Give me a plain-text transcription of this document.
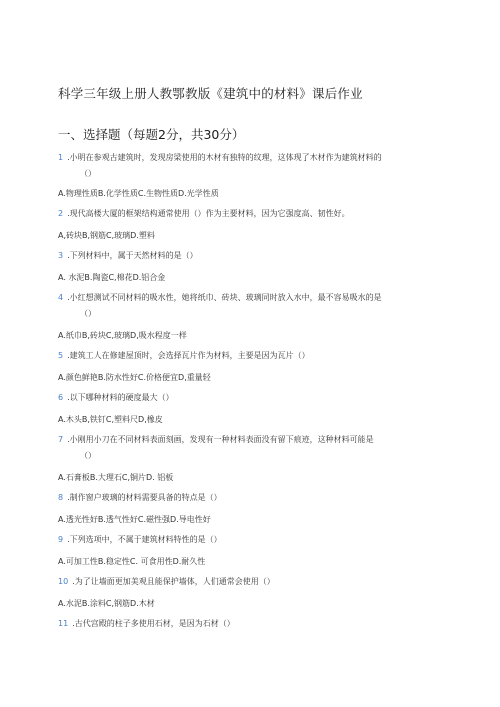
科学三年级上册人教鄂教版《建筑中的材料》课后作业
一、选择题（每题2分，共30分）
1 .小明在参观古建筑时，发现房梁使用的木材有独特的纹理，这体现了木材作为建筑材料的
（）
A.物理性质B.化学性质C.生物性质D.光学性质
2 .现代高楼大厦的框架结构通常使用（）作为主要材料，因为它强度高、韧性好。
A,砖块B,钢筋C,玻璃D.塑料
3 .下列材料中，属于天然材料的是（）
A. 水泥B.陶瓷C,棉花D.铝合金
4 .小红想测试不同材料的吸水性，她将纸巾、砖块、玻璃同时放入水中，最不容易吸水的是
（）
A.纸巾B,砖块C,玻璃D,吸水程度一样
5 .建筑工人在修建屋顶时，会选择瓦片作为材料，主要是因为瓦片（）
A.颜色鲜艳B.防水性好C.价格便宜D,重量轻
6 .以下哪种材料的硬度最大（）
A.木头B,铁钉C,塑料尺D,橡皮
7 .小刚用小刀在不同材料表面刻画，发现有一种材料表面没有留下痕迹，这种材料可能是
（）
A.石膏板B.大理石C,铜片D. 铝板
8 .制作窗户玻璃的材料需要具备的特点是（）
A.透光性好B.透气性好C.磁性强D.导电性好
9 .下列选项中，不属于建筑材料特性的是（）
A.可加工性B.稳定性C. 可食用性D.耐久性
10 .为了让墙面更加美观且能保护墙体，人们通常会使用（）
A.水泥B.涂料C,钢筋D.木材
11 .古代宫殿的柱子多使用石材，是因为石材（）
